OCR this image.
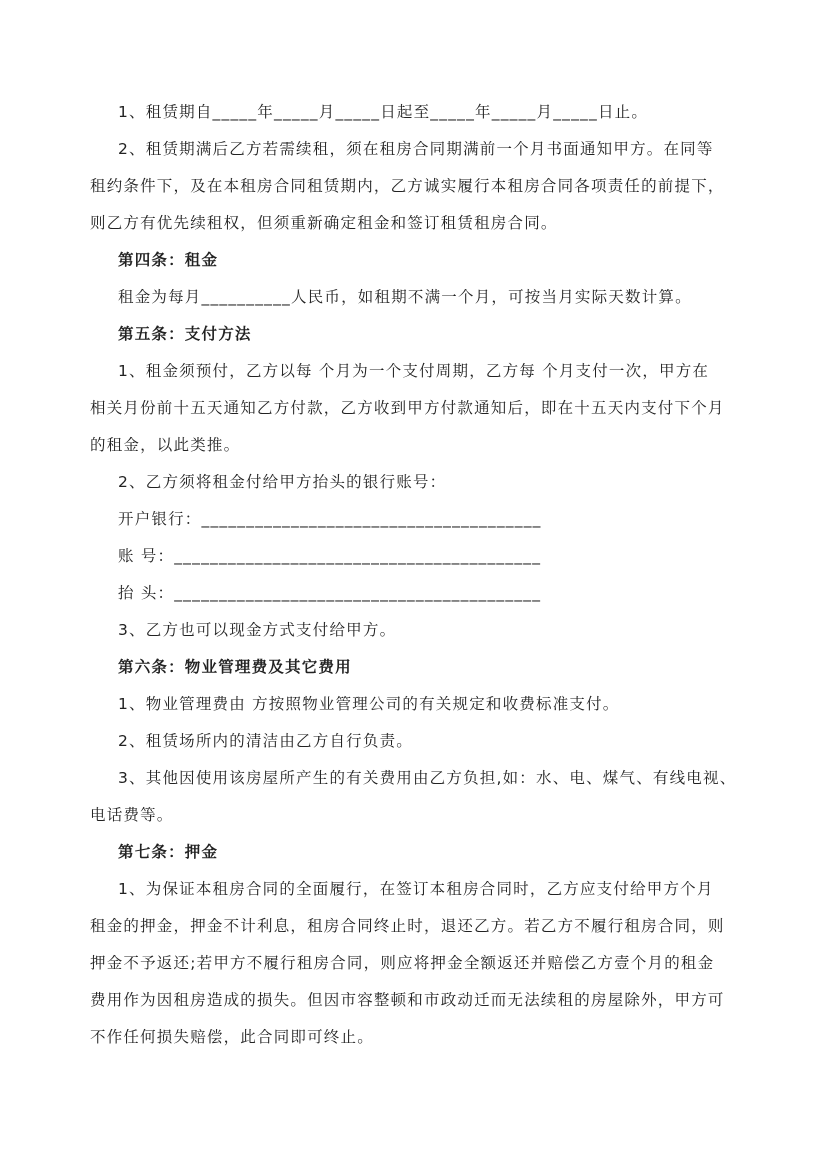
1、租赁期自_____年_____月_____日起至_____年_____月_____日止。
2、租赁期满后乙方若需续租，须在租房合同期满前一个月书面通知甲方。在同等
租约条件下，及在本租房合同租赁期内，乙方诚实履行本租房合同各项责任的前提下，
则乙方有优先续租权，但须重新确定租金和签订租赁租房合同。
第四条：租金
租金为每月__________人民币，如租期不满一个月，可按当月实际天数计算。
第五条：支付方法
1、租金须预付，乙方以每 个月为一个支付周期，乙方每 个月支付一次，甲方在
相关月份前十五天通知乙方付款，乙方收到甲方付款通知后，即在十五天内支付下个月
的租金，以此类推。
2、乙方须将租金付给甲方抬头的银行账号：
开户银行：______________________________________
账 号：_________________________________________
抬 头：_________________________________________
3、乙方也可以现金方式支付给甲方。
第六条：物业管理费及其它费用
1、物业管理费由 方按照物业管理公司的有关规定和收费标准支付。
2、租赁场所内的清洁由乙方自行负责。
3、其他因使用该房屋所产生的有关费用由乙方负担,如：水、电、煤气、有线电视、
电话费等。
第七条：押金
1、为保证本租房合同的全面履行，在签订本租房合同时，乙方应支付给甲方个月
租金的押金，押金不计利息，租房合同终止时，退还乙方。若乙方不履行租房合同，则
押金不予返还;若甲方不履行租房合同，则应将押金全额返还并赔偿乙方壹个月的租金
费用作为因租房造成的损失。但因市容整顿和市政动迁而无法续租的房屋除外，甲方可
不作任何损失赔偿，此合同即可终止。
